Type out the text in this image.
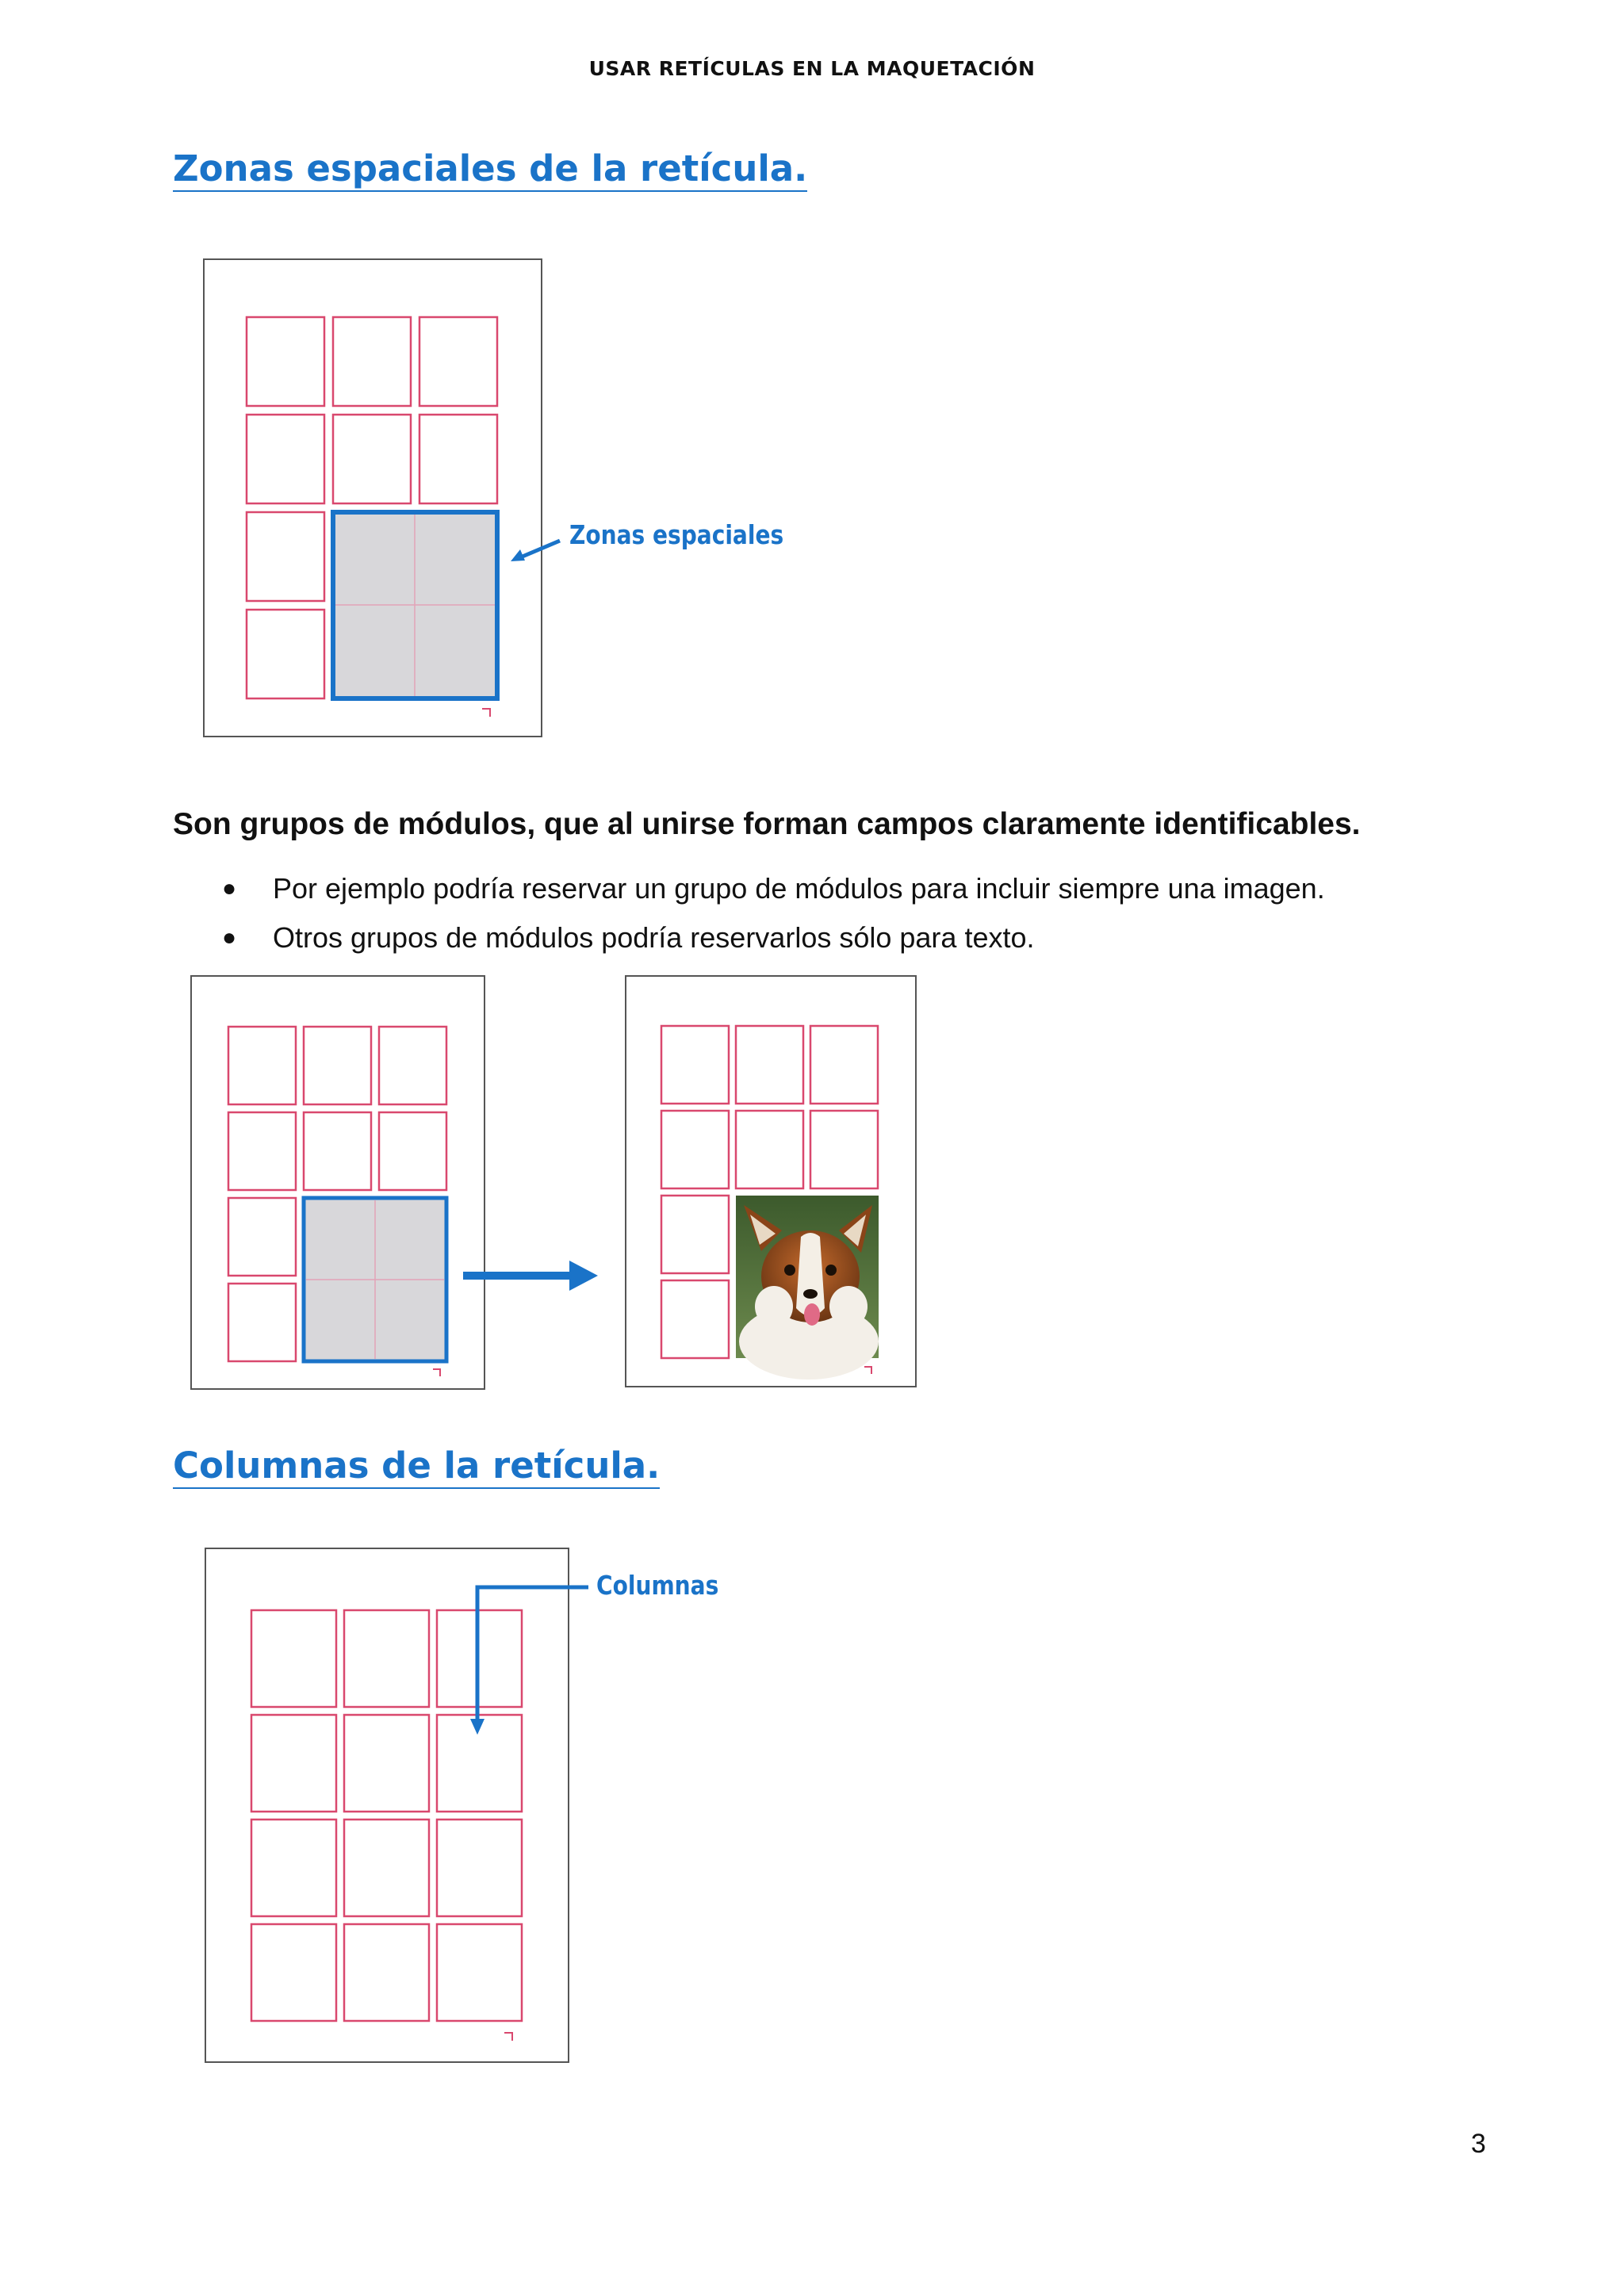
USAR RETÍCULAS EN LA MAQUETACIÓN
Zonas espaciales de la retícula.
Zonas espaciales
Son grupos de módulos, que al unirse forman campos claramente identificables.
● Por ejemplo podría reservar un grupo de módulos para incluir siempre una imagen.
● Otros grupos de módulos podría reservarlos sólo para texto.
Columnas de la retícula.
Columnas
3
